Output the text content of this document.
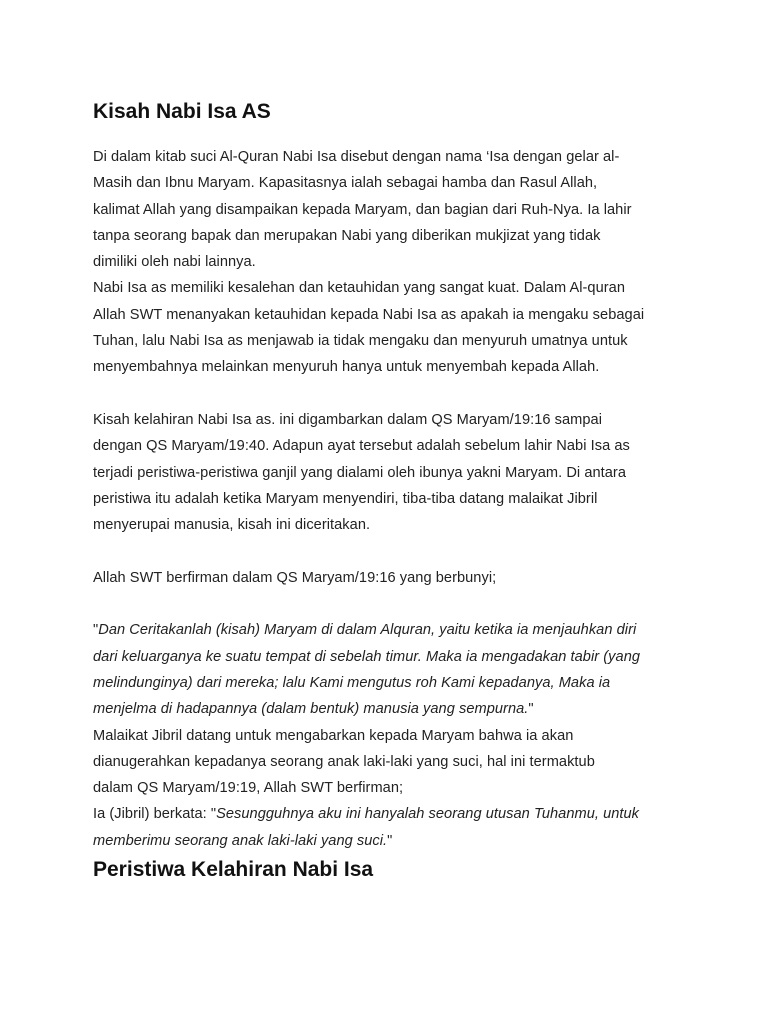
Kisah Nabi Isa AS

Di dalam kitab suci Al-Quran Nabi Isa disebut dengan nama ‘Isa dengan gelar al-
Masih dan Ibnu Maryam. Kapasitasnya ialah sebagai hamba dan Rasul Allah,
kalimat Allah yang disampaikan kepada Maryam, dan bagian dari Ruh-Nya. Ia lahir
tanpa seorang bapak dan merupakan Nabi yang diberikan mukjizat yang tidak
dimiliki oleh nabi lainnya.

Nabi Isa as memiliki kesalehan dan ketauhidan yang sangat kuat. Dalam Al-quran
Allah SWT menanyakan ketauhidan kepada Nabi Isa as apakah ia mengaku sebagai
Tuhan, lalu Nabi Isa as menjawab ia tidak mengaku dan menyuruh umatnya untuk
menyembahnya melainkan menyuruh hanya untuk menyembah kepada Allah.

Kisah kelahiran Nabi Isa as. ini digambarkan dalam QS Maryam/19:16 sampai
dengan QS Maryam/19:40. Adapun ayat tersebut adalah sebelum lahir Nabi Isa as
terjadi peristiwa-peristiwa ganjil yang dialami oleh ibunya yakni Maryam. Di antara
peristiwa itu adalah ketika Maryam menyendiri, tiba-tiba datang malaikat Jibril
menyerupai manusia, kisah ini diceritakan.

Allah SWT berfirman dalam QS Maryam/19:16 yang berbunyi;

"Dan Ceritakanlah (kisah) Maryam di dalam Alquran, yaitu ketika ia menjauhkan diri
dari keluarganya ke suatu tempat di sebelah timur. Maka ia mengadakan tabir (yang
melindunginya) dari mereka; lalu Kami mengutus roh Kami kepadanya, Maka ia
menjelma di hadapannya (dalam bentuk) manusia yang sempurna."

Malaikat Jibril datang untuk mengabarkan kepada Maryam bahwa ia akan
dianugerahkan kepadanya seorang anak laki-laki yang suci, hal ini termaktub
dalam QS Maryam/19:19, Allah SWT berfirman;

Ia (Jibril) berkata: "Sesungguhnya aku ini hanyalah seorang utusan Tuhanmu, untuk
memberimu seorang anak laki-laki yang suci."

Peristiwa Kelahiran Nabi Isa
